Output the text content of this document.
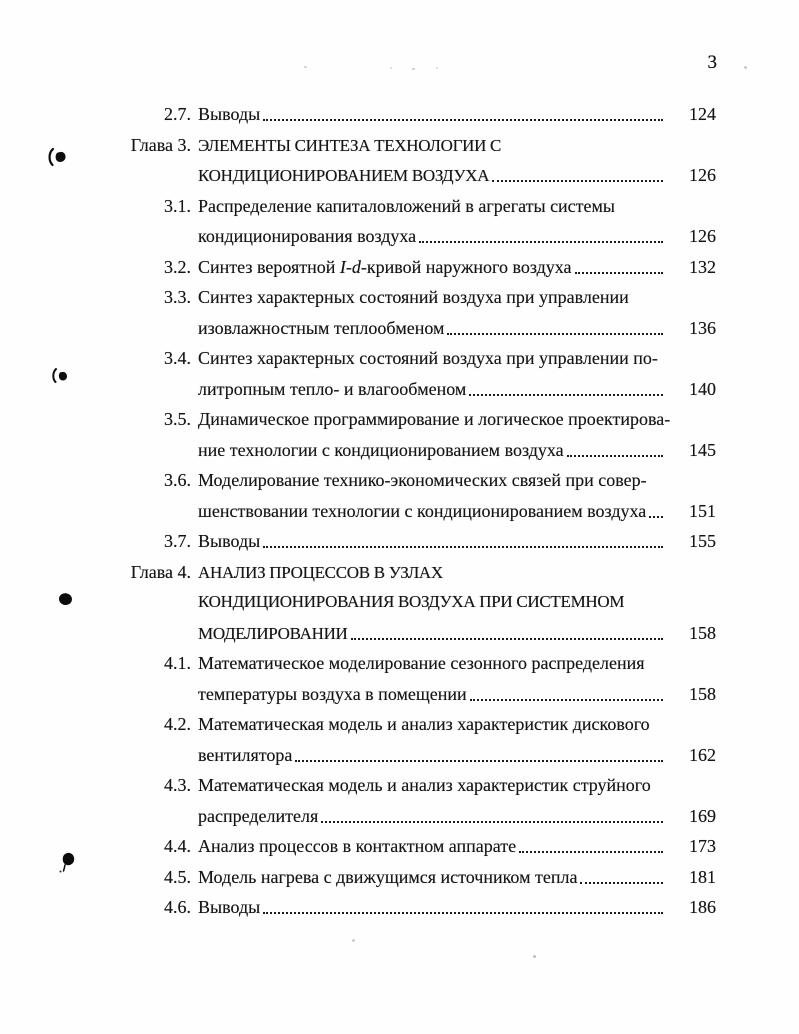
3
2.7. Выводы	124
Глава 3. ЭЛЕМЕНТЫ СИНТЕЗА ТЕХНОЛОГИИ С
КОНДИЦИОНИРОВАНИЕМ ВОЗДУХА	126
3.1. Распределение капиталовложений в агрегаты системы
кондиционирования воздуха	126
3.2. Синтез вероятной I-d-кривой наружного воздуха	132
3.3. Синтез характерных состояний воздуха при управлении
изовлажностным теплообменом	136
3.4. Синтез характерных состояний воздуха при управлении по-
литропным тепло- и влагообменом	140
3.5. Динамическое программирование и логическое проектирова-
ние технологии с кондиционированием воздуха	145
3.6. Моделирование технико-экономических связей при совер-
шенствовании технологии с кондиционированием воздуха	151
3.7. Выводы	155
Глава 4. АНАЛИЗ ПРОЦЕССОВ В УЗЛАХ
КОНДИЦИОНИРОВАНИЯ ВОЗДУХА ПРИ СИСТЕМНОМ
МОДЕЛИРОВАНИИ	158
4.1. Математическое моделирование сезонного распределения
температуры воздуха в помещении	158
4.2. Математическая модель и анализ характеристик дискового
вентилятора	162
4.3. Математическая модель и анализ характеристик струйного
распределителя	169
4.4. Анализ процессов в контактном аппарате	173
4.5. Модель нагрева с движущимся источником тепла	181
4.6. Выводы	186
